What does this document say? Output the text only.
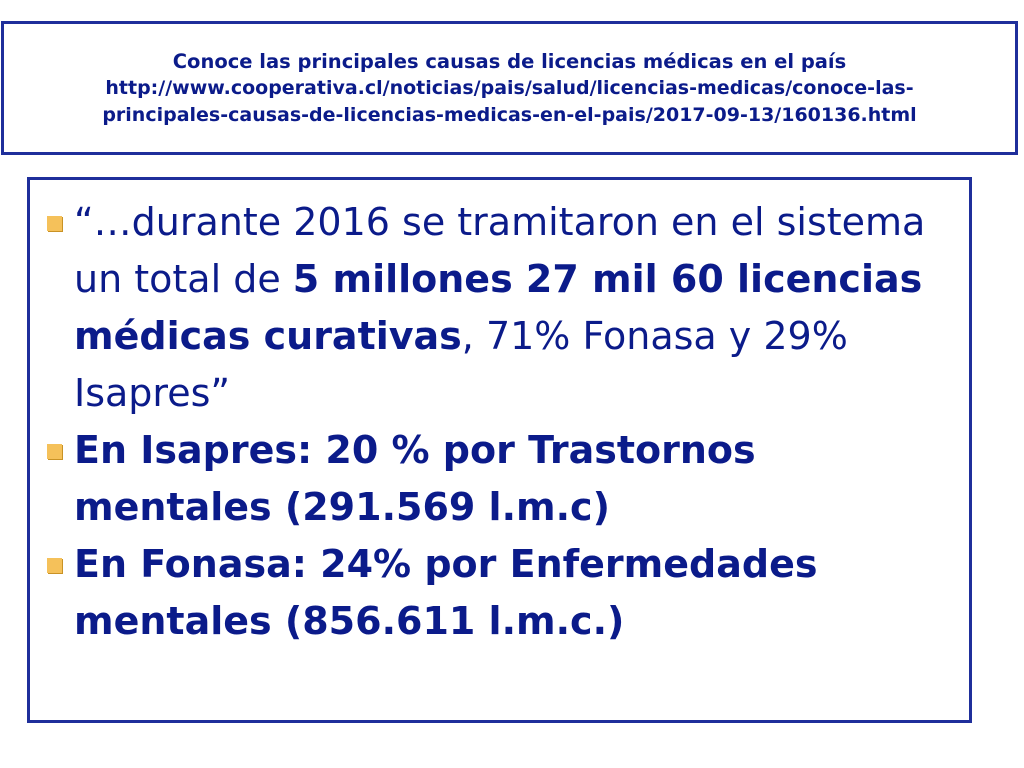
Conoce las principales causas de licencias médicas en el país
http://www.cooperativa.cl/noticias/pais/salud/licencias-medicas/conoce-las-
principales-causas-de-licencias-medicas-en-el-pais/2017-09-13/160136.html
“…durante 2016 se tramitaron en el sistema un total de 5 millones 27 mil 60 licencias médicas curativas, 71% Fonasa y 29% Isapres”
En Isapres: 20 % por Trastornos mentales (291.569 l.m.c)
En Fonasa: 24% por Enfermedades mentales (856.611 l.m.c.)
